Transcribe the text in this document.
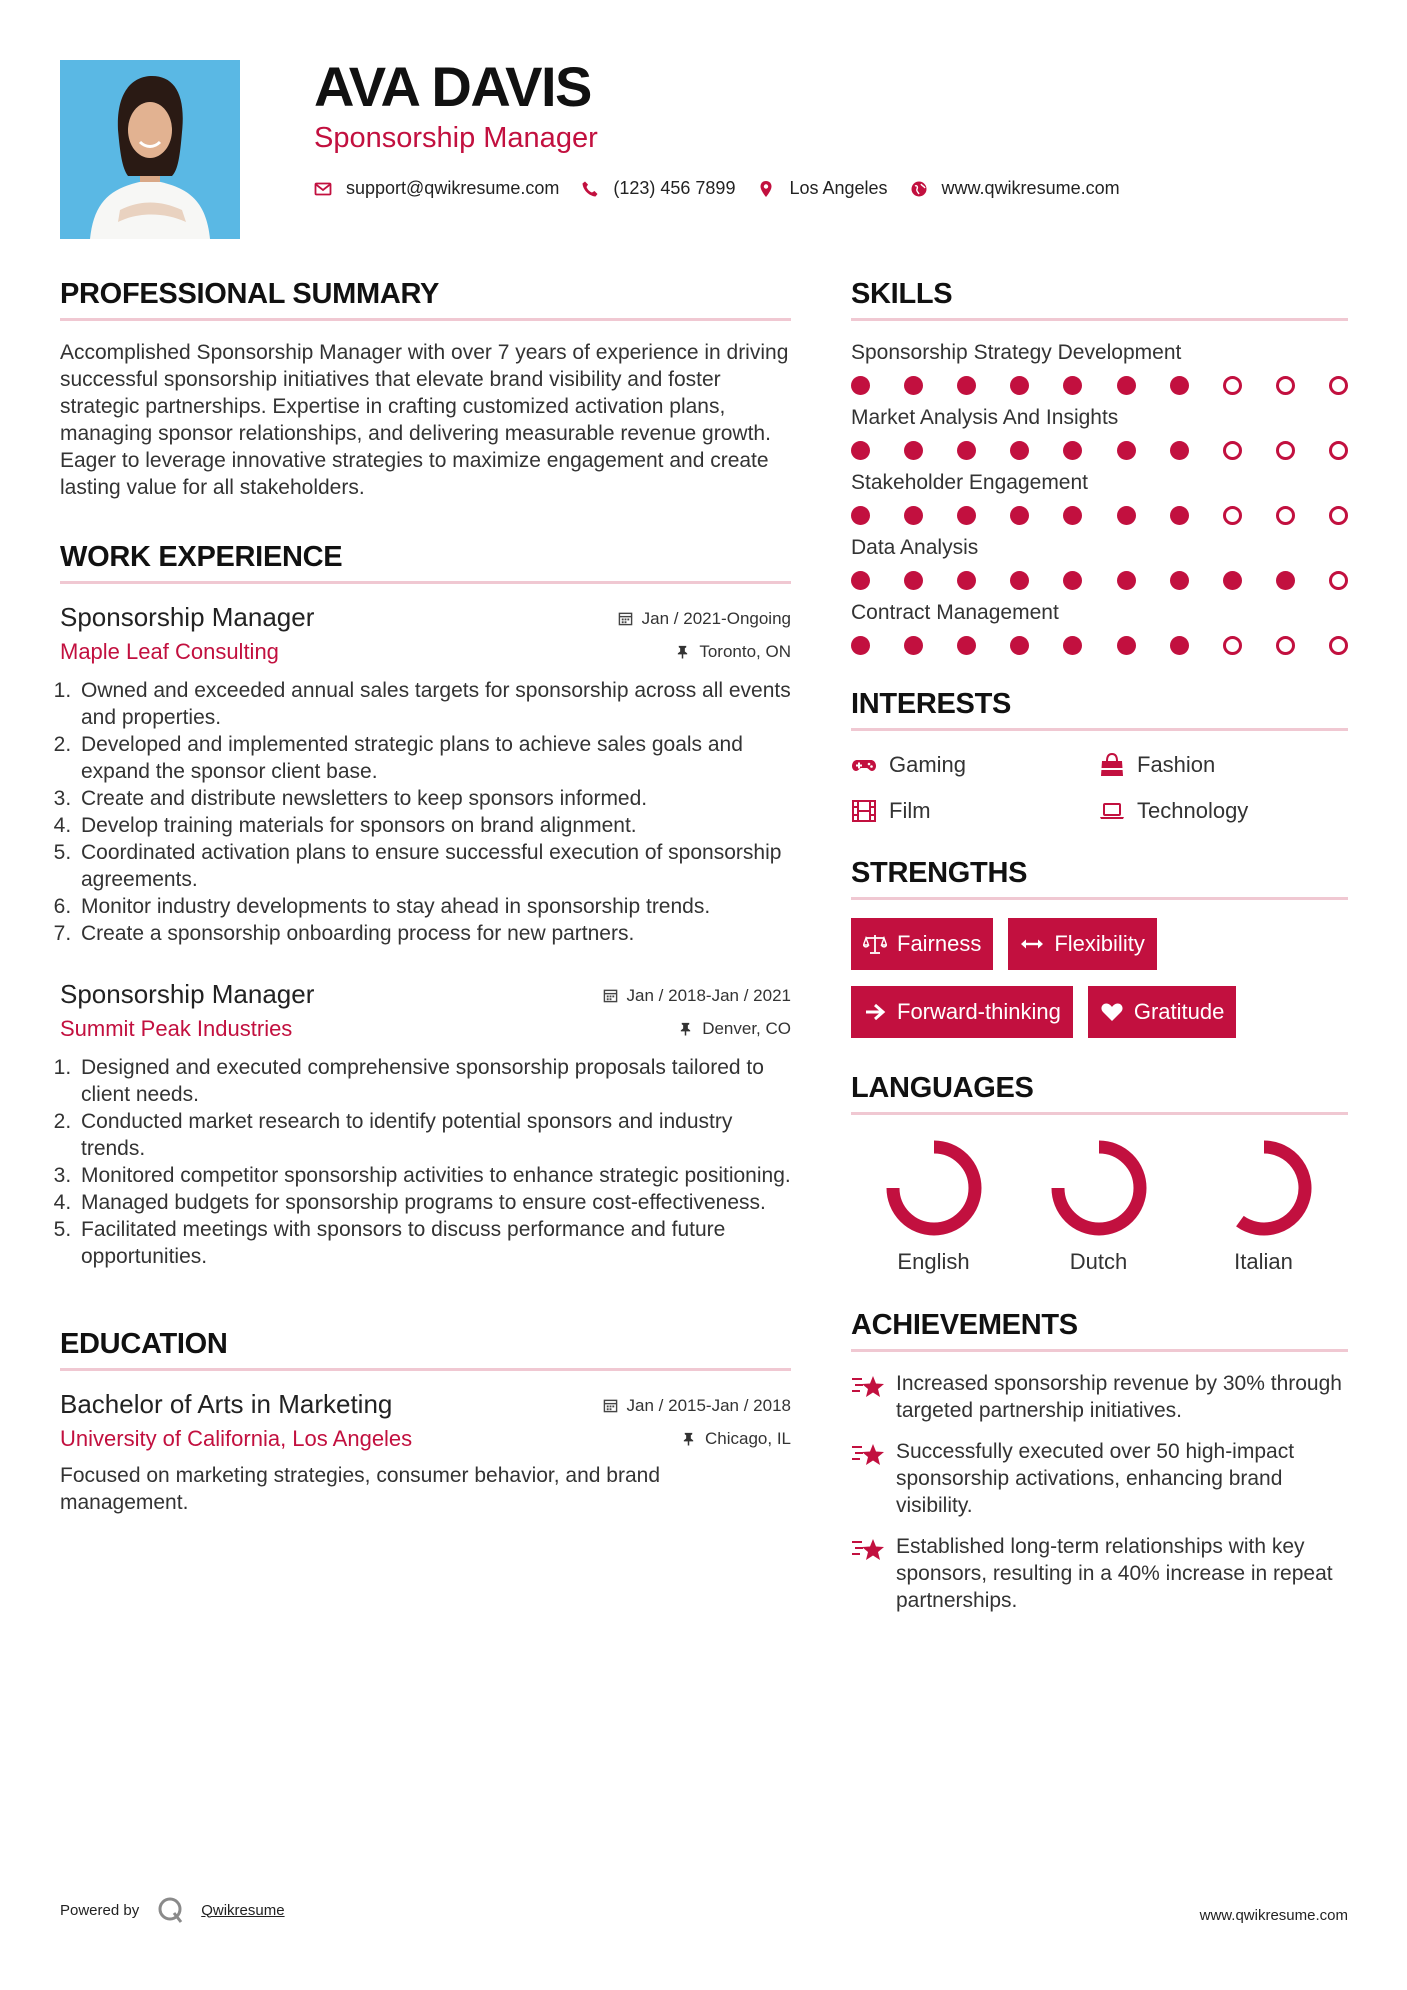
AVA DAVIS
Sponsorship Manager
support@qwikresume.com	(123) 456 7899	Los Angeles	www.qwikresume.com
PROFESSIONAL SUMMARY

Accomplished Sponsorship Manager with over 7 years of experience in driving successful sponsorship initiatives that elevate brand visibility and foster strategic partnerships. Expertise in crafting customized activation plans, managing sponsor relationships, and delivering measurable revenue growth. Eager to leverage innovative strategies to maximize engagement and create lasting value for all stakeholders.

WORK EXPERIENCE
Sponsorship Manager	Jan / 2021-Ongoing
Maple Leaf Consulting	Toronto, ON
1. Owned and exceeded annual sales targets for sponsorship across all events and properties.
2. Developed and implemented strategic plans to achieve sales goals and expand the sponsor client base.
3. Create and distribute newsletters to keep sponsors informed.
4. Develop training materials for sponsors on brand alignment.
5. Coordinated activation plans to ensure successful execution of sponsorship agreements.
6. Monitor industry developments to stay ahead in sponsorship trends.
7. Create a sponsorship onboarding process for new partners.
Sponsorship Manager	Jan / 2018-Jan / 2021
Summit Peak Industries	Denver, CO
1. Designed and executed comprehensive sponsorship proposals tailored to client needs.
2. Conducted market research to identify potential sponsors and industry trends.
3. Monitored competitor sponsorship activities to enhance strategic positioning.
4. Managed budgets for sponsorship programs to ensure cost-effectiveness.
5. Facilitated meetings with sponsors to discuss performance and future opportunities.
EDUCATION
Bachelor of Arts in Marketing	Jan / 2015-Jan / 2018
University of California, Los Angeles	Chicago, IL

Focused on marketing strategies, consumer behavior, and brand management.

SKILLS
Sponsorship Strategy Development
Market Analysis And Insights
Stakeholder Engagement
Data Analysis
Contract Management
INTERESTS
Gaming	Fashion
Film	Technology
STRENGTHS
Fairness	Flexibility
Forward-thinking	Gratitude
LANGUAGES
English	Dutch	Italian
ACHIEVEMENTS
Increased sponsorship revenue by 30% through targeted partnership initiatives.
Successfully executed over 50 high-impact sponsorship activations, enhancing brand visibility.
Established long-term relationships with key sponsors, resulting in a 40% increase in repeat partnerships.
Powered by	Qwikresume	www.qwikresume.com
